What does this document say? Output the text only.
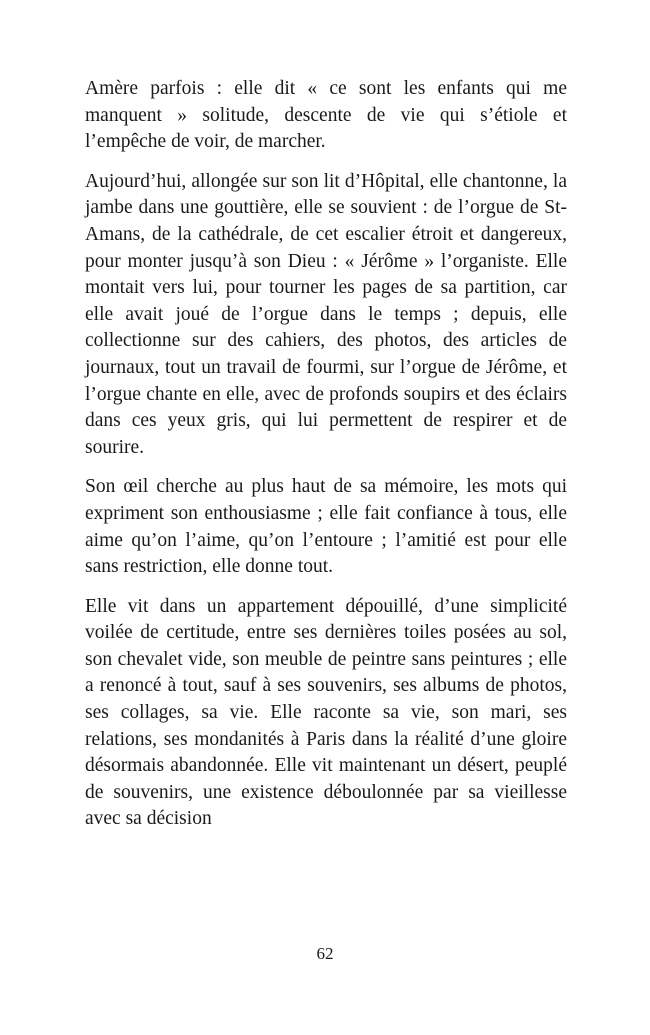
Amère parfois : elle dit « ce sont les enfants qui me manquent » solitude, descente de vie qui s’étiole et l’empêche de voir, de marcher.

Aujourd’hui, allongée sur son lit d’Hôpital, elle chantonne, la jambe dans une gouttière, elle se souvient : de l’orgue de St-Amans, de la cathédrale, de cet escalier étroit et dangereux, pour monter jusqu’à son Dieu : « Jérôme » l’organiste. Elle montait vers lui, pour tourner les pages de sa partition, car elle avait joué de l’orgue dans le temps ; depuis, elle collectionne sur des cahiers, des photos, des articles de journaux, tout un travail de fourmi, sur l’orgue de Jérôme, et l’orgue chante en elle, avec de profonds soupirs et des éclairs dans ces yeux gris, qui lui permettent de respirer et de sourire.

Son œil cherche au plus haut de sa mémoire, les mots qui expriment son enthousiasme ; elle fait confiance à tous, elle aime qu’on l’aime, qu’on l’entoure ; l’amitié est pour elle sans restriction, elle donne tout.

Elle vit dans un appartement dépouillé, d’une simplicité voilée de certitude, entre ses dernières toiles posées au sol, son chevalet vide, son meuble de peintre sans peintures ; elle a renoncé à tout, sauf à ses souvenirs, ses albums de photos, ses collages, sa vie. Elle raconte sa vie, son mari, ses relations, ses mondanités à Paris dans la réalité d’une gloire désormais abandonnée. Elle vit maintenant un désert, peuplé de souvenirs, une existence déboulonnée par sa vieillesse avec sa décision

62
